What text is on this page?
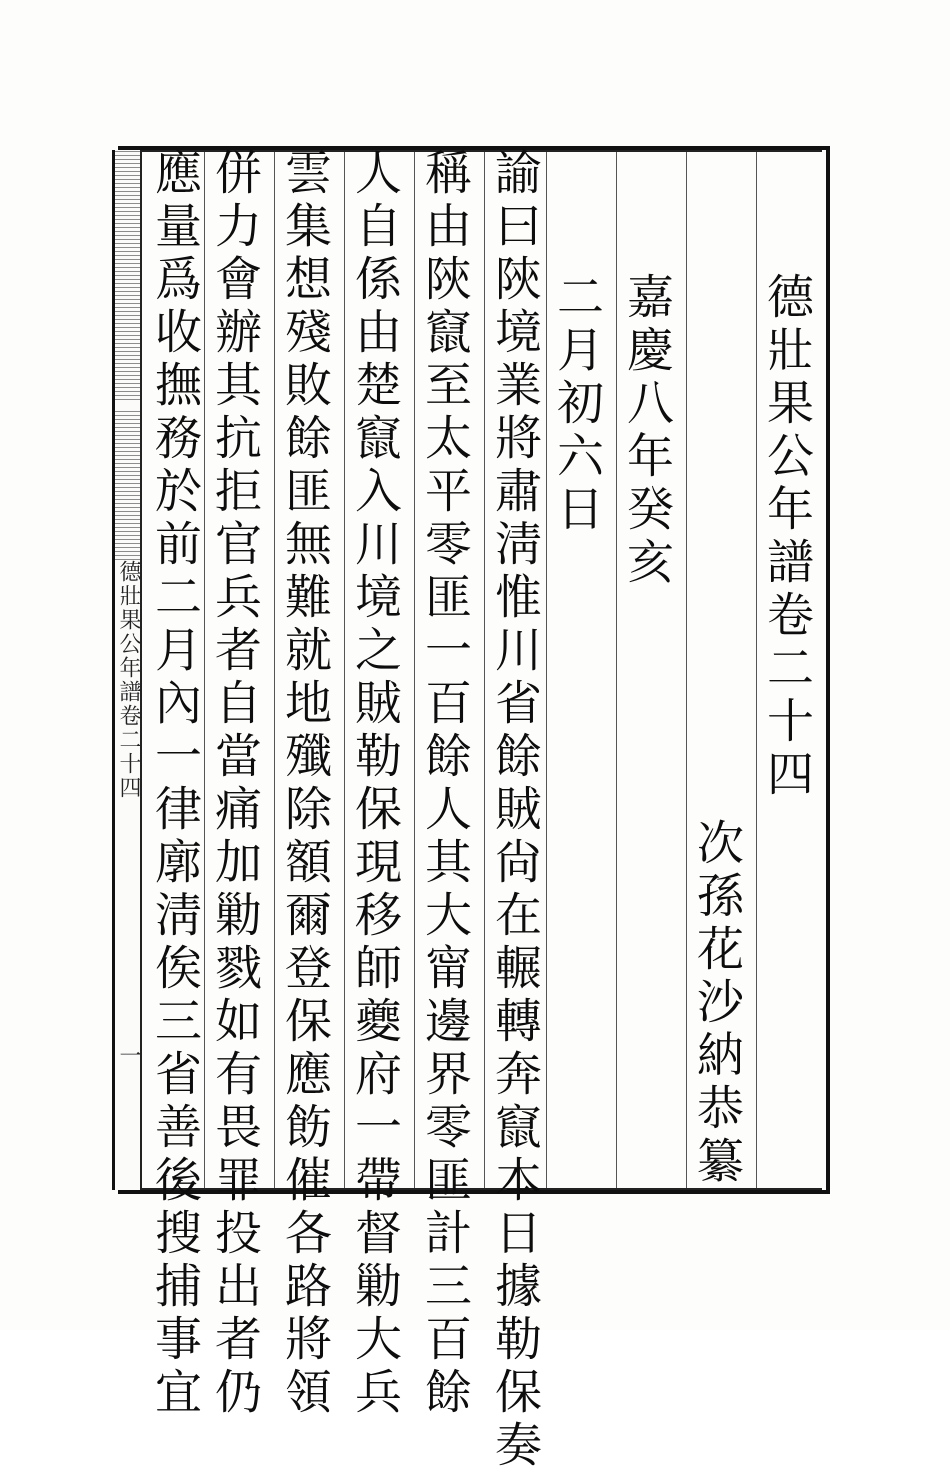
德壯果公年譜卷二十四
一
德壯果公年譜卷二十四
次孫花沙納恭纂
嘉慶八年癸亥
二月初六日
諭曰陝境業將肅淸惟川省餘賊尙在輾轉奔竄本日據勒保奏
稱由陝竄至太平零匪一百餘人其大甯邊界零匪計三百餘
人自係由楚竄入川境之賊勒保現移師夔府一帶督勦大兵
雲集想殘敗餘匪無難就地殲除額爾登保應飭催各路將領
併力會辦其抗拒官兵者自當痛加勦戮如有畏罪投出者仍
應量爲收撫務於前二月內一律廓淸俟三省善後搜捕事宜
